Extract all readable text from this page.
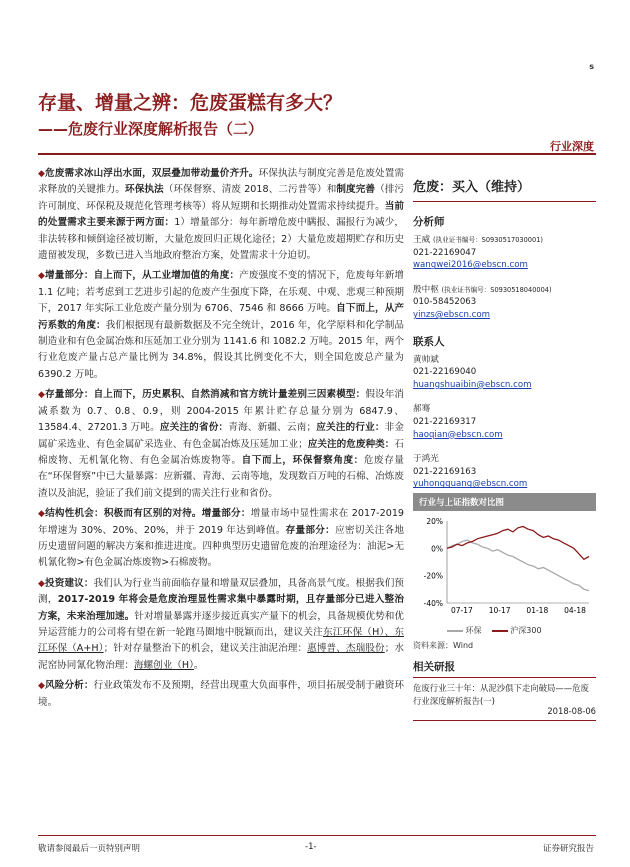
s
存量、增量之辨：危废蛋糕有多大？
——危废行业深度解析报告（二）
行业深度

◆危废需求冰山浮出水面，双层叠加带动量价齐升。环保执法与制度完善是危废处置需求释放的关键推力。环保执法（环保督察、清废 2018、二污普等）和制度完善（排污许可制度、环保税及规范化管理考核等）将从短期和长期推动处置需求持续提升。当前的处置需求主要来源于两方面：1）增量部分：每年新增危废中瞒报、漏报行为减少，非法转移和倾倒途径被切断，大量危废回归正规化途径；2）大量危废超期贮存和历史遗留被发现，多数已进入当地政府整治方案，处置需求十分迫切。

◆增量部分：自上而下，从工业增加值的角度：产废强度不变的情况下，危废每年新增 1.1 亿吨；若考虑到工艺进步引起的危废产生强度下降，在乐观、中观、悲观三种预期下，2017 年实际工业危废产量分别为 6706、7546 和 8666 万吨。自下而上，从产污系数的角度：我们根据现有最新数据及不完全统计，2016 年，化学原料和化学制品制造业和有色金属冶炼和压延加工业分别为 1141.6 和 1082.2 万吨。2015 年，两个行业危废产量占总产量比例为 34.8%，假设其比例变化不大，则全国危废总产量为 6390.2 万吨。

◆存量部分：自上而下，历史累积、自然消减和官方统计量差别三因素模型：假设年消减系数为 0.7、0.8、0.9，则 2004-2015 年累计贮存总量分别为 6847.9、13584.4、27201.3 万吨。应关注的省份：青海、新疆、云南；应关注的行业：非金属矿采选业、有色金属矿采选业、有色金属冶炼及压延加工业；应关注的危废种类：石棉废物、无机氰化物、有色金属冶炼废物等。自下而上，环保督察角度：危废存量在“环保督察”中已大量暴露：应新疆、青海、云南等地，发现数百万吨的石棉、冶炼废渣以及油泥，验证了我们前文提到的需关注行业和省份。

◆结构性机会：积极而有区别的对待。增量部分：增量市场中显性需求在 2017-2019 年增速为 30%、20%、20%，并于 2019 年达到峰值。存量部分：应密切关注各地历史遗留问题的解决方案和推进进度。四种典型历史遗留危废的治理途径为：油泥>无机氰化物>有色金属冶炼废物>石棉废物。

◆投资建议：我们认为行业当前面临存量和增量双层叠加，具备高景气度。根据我们预测，2017-2019 年将会是危废治理显性需求集中暴露时期，且存量部分已进入整治方案，未来治理加速。针对增量暴露并逐步接近真实产量下的机会，具备规模优势和优异运营能力的公司将有望在新一轮跑马圈地中脱颖而出，建议关注东江环保（H）、东江环保（A+H）；针对存量整治下的机会，建议关注油泥治理：惠博普、杰瑞股份；水泥窑协同氰化物治理：海螺创业（H）。

◆风险分析：行业政策发布不及预期，经营出现重大负面事件，项目拓展受制于融资环境。

危废：买入（维持）
分析师
王威 (执业证书编号：S0930517030001)
021-22169047
wangwei2016@ebscn.com
殷中枢 (执业证书编号：S0930518040004)
010-58452063
yinzs@ebscn.com
联系人
黄帅斌
021-22169040
huangshuaibin@ebscn.com
郝骞
021-22169317
haoqian@ebscn.com
于鸿光
021-22169163
yuhongguang@ebscn.com
行业与上证指数对比图
20%
0%
-20%
-40%
07-17 10-17 01-18 04-18
环保	沪深300
资料来源：Wind
相关研报
危废行业三十年：从泥沙俱下走向破局——危废行业深度解析报告(一)
2018-08-06
敬请参阅最后一页特别声明	-1-	证券研究报告
